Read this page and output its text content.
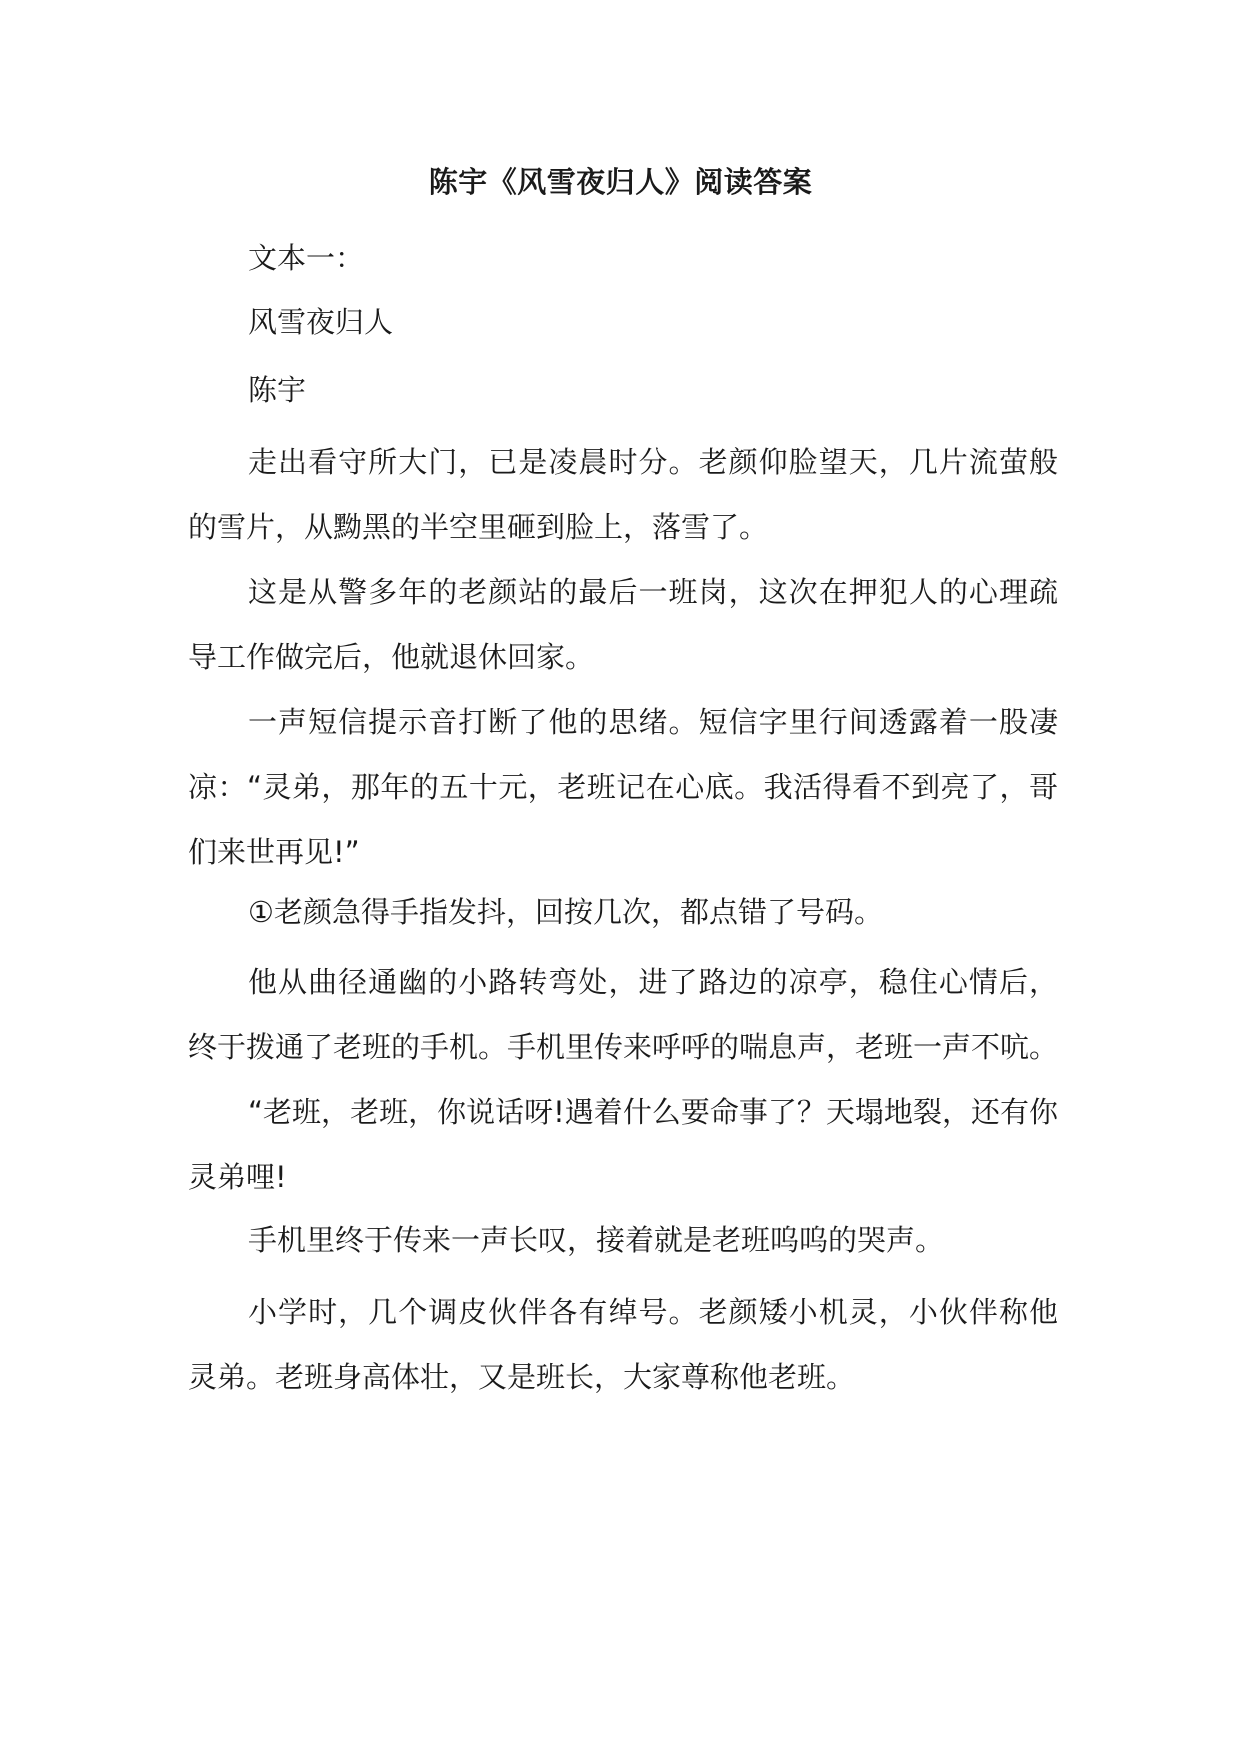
陈宇《风雪夜归人》阅读答案

文本一：

风雪夜归人

陈宇

走出看守所大门，已是凌晨时分。老颜仰脸望天，几片流萤般的雪片，从黝黑的半空里砸到脸上，落雪了。

这是从警多年的老颜站的最后一班岗，这次在押犯人的心理疏导工作做完后，他就退休回家。

一声短信提示音打断了他的思绪。短信字里行间透露着一股凄凉：“灵弟，那年的五十元，老班记在心底。我活得看不到亮了，哥们来世再见!”

①老颜急得手指发抖，回按几次，都点错了号码。

他从曲径通幽的小路转弯处，进了路边的凉亭，稳住心情后，终于拨通了老班的手机。手机里传来呼呼的喘息声，老班一声不吭。

“老班，老班，你说话呀!遇着什么要命事了？天塌地裂，还有你灵弟哩!

手机里终于传来一声长叹，接着就是老班呜呜的哭声。

小学时，几个调皮伙伴各有绰号。老颜矮小机灵，小伙伴称他灵弟。老班身高体壮，又是班长，大家尊称他老班。
